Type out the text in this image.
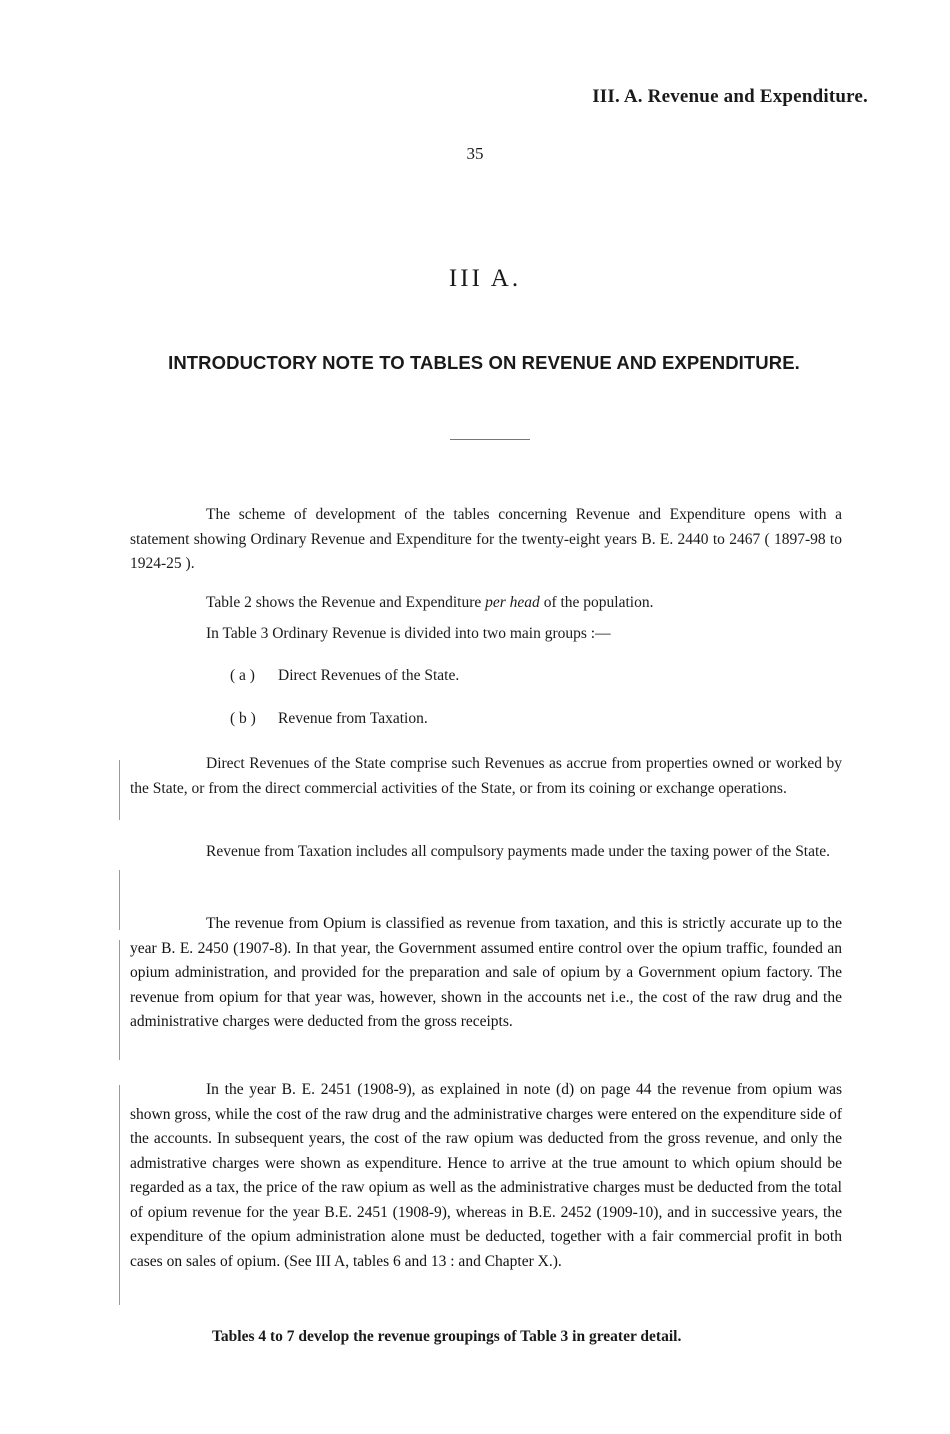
III. A. Revenue and Expenditure.
35
III A.
INTRODUCTORY NOTE TO TABLES ON REVENUE AND EXPENDITURE.
The scheme of development of the tables concerning Revenue and Expenditure opens with a statement showing Ordinary Revenue and Expenditure for the twenty-eight years B. E. 2440 to 2467 ( 1897-98 to 1924-25 ).
Table 2 shows the Revenue and Expenditure per head of the population.
In Table 3 Ordinary Revenue is divided into two main groups :—
( a ) Direct Revenues of the State.
( b ) Revenue from Taxation.
Direct Revenues of the State comprise such Revenues as accrue from properties owned or worked by the State, or from the direct commercial activities of the State, or from its coining or exchange operations.
Revenue from Taxation includes all compulsory payments made under the taxing power of the State.
The revenue from Opium is classified as revenue from taxation, and this is strictly accurate up to the year B. E. 2450 (1907-8). In that year, the Government assumed entire control over the opium traffic, founded an opium administration, and provided for the preparation and sale of opium by a Government opium factory. The revenue from opium for that year was, however, shown in the accounts net i.e., the cost of the raw drug and the administrative charges were deducted from the gross receipts.
In the year B. E. 2451 (1908-9), as explained in note (d) on page 44 the revenue from opium was shown gross, while the cost of the raw drug and the administrative charges were entered on the expenditure side of the accounts. In subsequent years, the cost of the raw opium was deducted from the gross revenue, and only the admistrative charges were shown as expenditure. Hence to arrive at the true amount to which opium should be regarded as a tax, the price of the raw opium as well as the administrative charges must be deducted from the total of opium revenue for the year B.E. 2451 (1908-9), whereas in B.E. 2452 (1909-10), and in successive years, the expenditure of the opium administration alone must be deducted, together with a fair commercial profit in both cases on sales of opium. (See III A, tables 6 and 13 : and Chapter X.).
Tables 4 to 7 develop the revenue groupings of Table 3 in greater detail.
